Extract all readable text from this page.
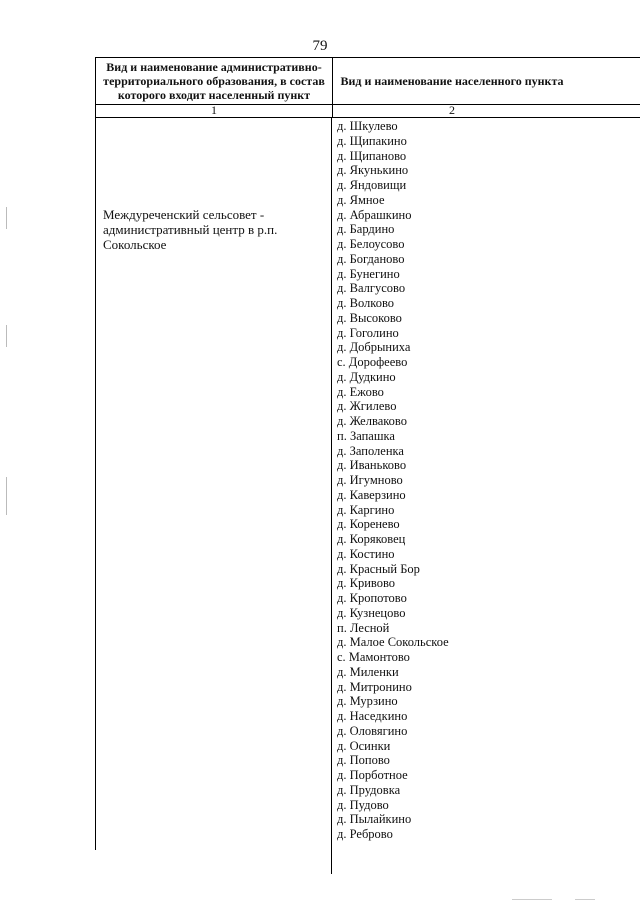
79
Вид и наименование административно-территориального образования, в состав которого входит населенный пункт
Вид и наименование населенного пункта
1	2
Междуреченский сельсовет - административный центр в р.п. Сокольское
д. Шкулево
д. Щипакино
д. Щипаново
д. Якунькино
д. Яндовищи
д. Ямное
д. Абрашкино
д. Бардино
д. Белоусово
д. Богданово
д. Бунегино
д. Валгусово
д. Волково
д. Высоково
д. Гоголино
д. Добрыниха
с. Дорофеево
д. Дудкино
д. Ежово
д. Жгилево
д. Желваково
п. Запашка
д. Заполенка
д. Иваньково
д. Игумново
д. Каверзино
д. Каргино
д. Коренево
д. Коряковец
д. Костино
д. Красный Бор
д. Кривово
д. Кропотово
д. Кузнецово
п. Лесной
д. Малое Сокольское
с. Мамонтово
д. Миленки
д. Митронино
д. Мурзино
д. Наседкино
д. Оловягино
д. Осинки
д. Попово
д. Порботное
д. Прудовка
д. Пудово
д. Пылайкино
д. Реброво
